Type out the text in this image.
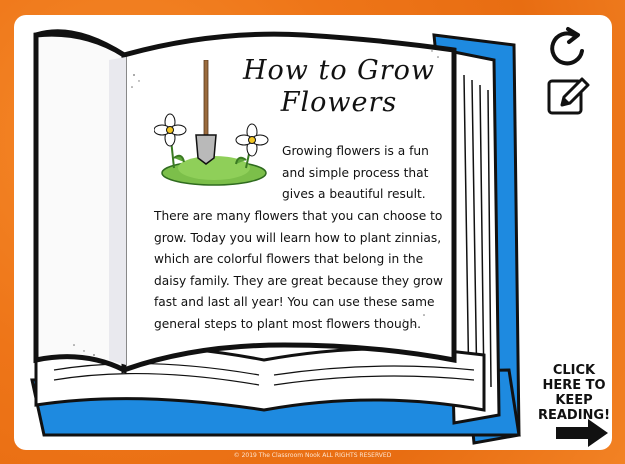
How to Grow
Flowers
Growing flowers is a fun
and simple process that
gives a beautiful result.
There are many flowers that you can choose to
grow. Today you will learn how to plant zinnias,
which are colorful flowers that belong in the
daisy family. They are great because they grow
fast and last all year! You can use these same
general steps to plant most flowers though.
CLICK
HERE TO
KEEP
READING!
© 2019 The Classroom Nook ALL RIGHTS RESERVED
